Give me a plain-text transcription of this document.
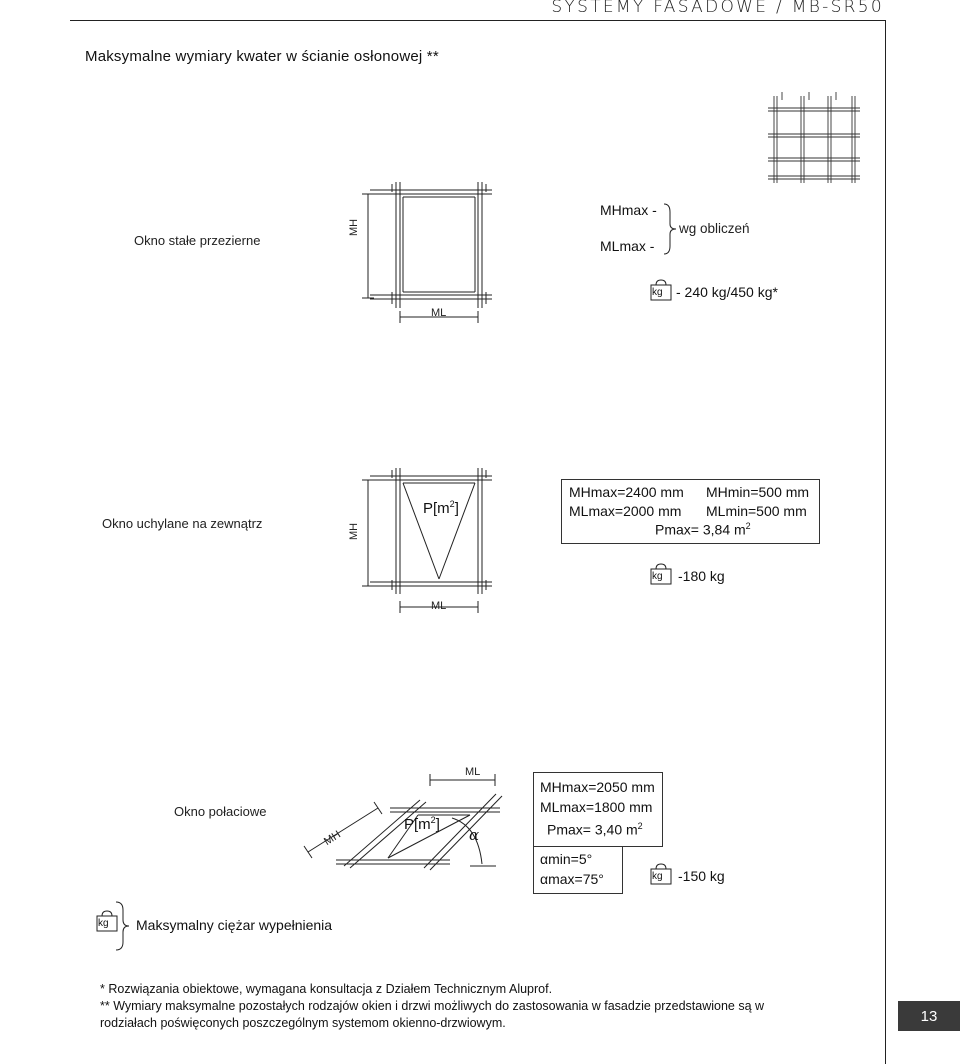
SYSTEMY FASADOWE / MB-SR50
Maksymalne wymiary kwater w ścianie osłonowej **
Okno stałe przezierne
MH
ML
MHmax -
MLmax -
wg obliczeń
kg - 240 kg/450 kg*
Okno uchylane na zewnątrz	MH
ML
$P[m^2]$
MHmax=2400 mm MHmin=500 mm
MLmax=2000 mm MLmin=500 mm
Pmax= 3,84 $m^2$
kg -180 kg
Okno połaciowe
MH
ML
$P[m^2]$
α
MHmax=2050 mm
MLmax=1800 mm
Pmax= 3,40 $m^2$
αmin=5°
αmax=75°	kg -150 kg
kg Maksymalny ciężar wypełnienia
* Rozwiązania obiektowe, wymagana konsultacja z Działem Technicznym Aluprof.
** Wymiary maksymalne pozostałych rodzajów okien i drzwi możliwych do zastosowania w fasadzie przedstawione są w
rodziałach poświęconych poszczególnym systemom okienno-drzwiowym.	13
